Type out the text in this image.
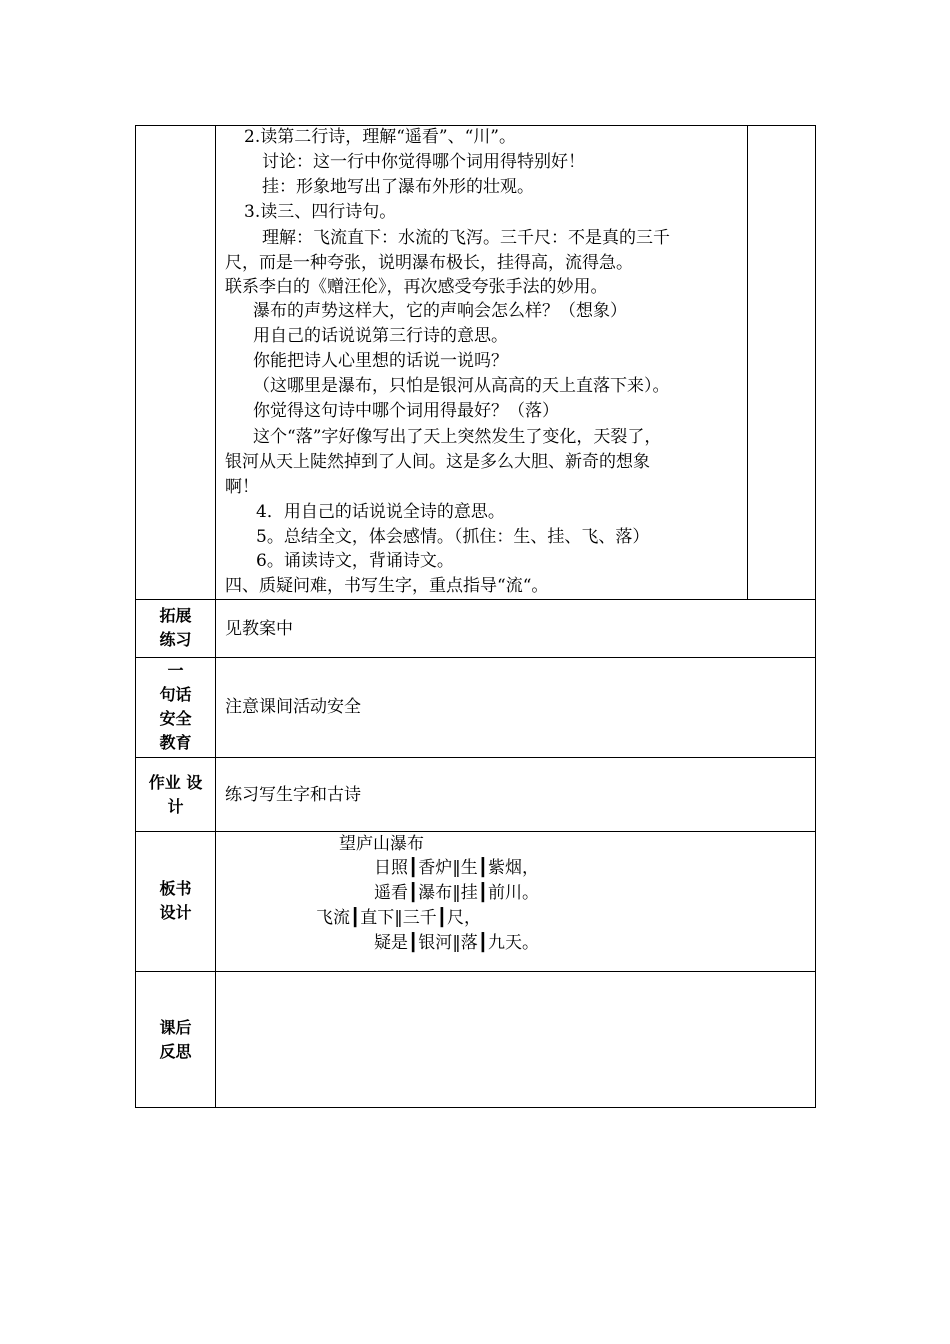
2.读第二行诗，理解“遥看”、“川”。
讨论：这一行中你觉得哪个词用得特别好！
挂：形象地写出了瀑布外形的壮观。
3.读三、四行诗句。
理解：飞流直下：水流的飞泻。三千尺：不是真的三千
尺，而是一种夸张，说明瀑布极长，挂得高，流得急。
联系李白的《赠汪伦》，再次感受夸张手法的妙用。
瀑布的声势这样大，它的声响会怎么样？（想象）
用自己的话说说第三行诗的意思。
你能把诗人心里想的话说一说吗？
（这哪里是瀑布，只怕是银河从高高的天上直落下来）。
你觉得这句诗中哪个词用得最好？（落）
这个“落”字好像写出了天上突然发生了变化，天裂了，
银河从天上陡然掉到了人间。这是多么大胆、新奇的想象
啊！
4．用自己的话说说全诗的意思。
5。总结全文，体会感情。（抓住：生、挂、飞、落）
6。诵读诗文，背诵诗文。
四、质疑问难，书写生字，重点指导“流“。
拓展
练习
见教案中
一
句话
安全
教育
注意课间活动安全
作业 设
计
练习写生字和古诗
板书
设计
望庐山瀑布
日照┃香炉‖生┃紫烟，
遥看┃瀑布‖挂┃前川。
飞流┃直下‖三千┃尺，
疑是┃银河‖落┃九天。
课后
反思
